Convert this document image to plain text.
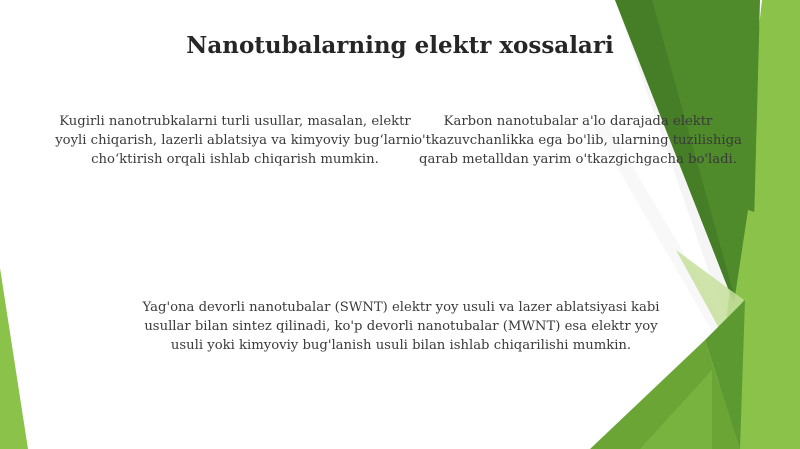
Nanotubalarning elektr xossalari
Kugirli nanotrubkalarni turli usullar, masalan, elektr yoyli chiqarish, lazerli ablatsiya va kimyoviy bug‘larni cho‘ktirish orqali ishlab chiqarish mumkin.
Karbon nanotubalar a'lo darajada elektr o'tkazuvchanlikka ega bo'lib, ularning tuzilishiga qarab metalldan yarim o'tkazgichgacha bo'ladi.
Yag'ona devorli nanotubalar (SWNT) elektr yoy usuli va lazer ablatsiyasi kabi usullar bilan sintez qilinadi, ko'p devorli nanotubalar (MWNT) esa elektr yoy usuli yoki kimyoviy bug'lanish usuli bilan ishlab chiqarilishi mumkin.
